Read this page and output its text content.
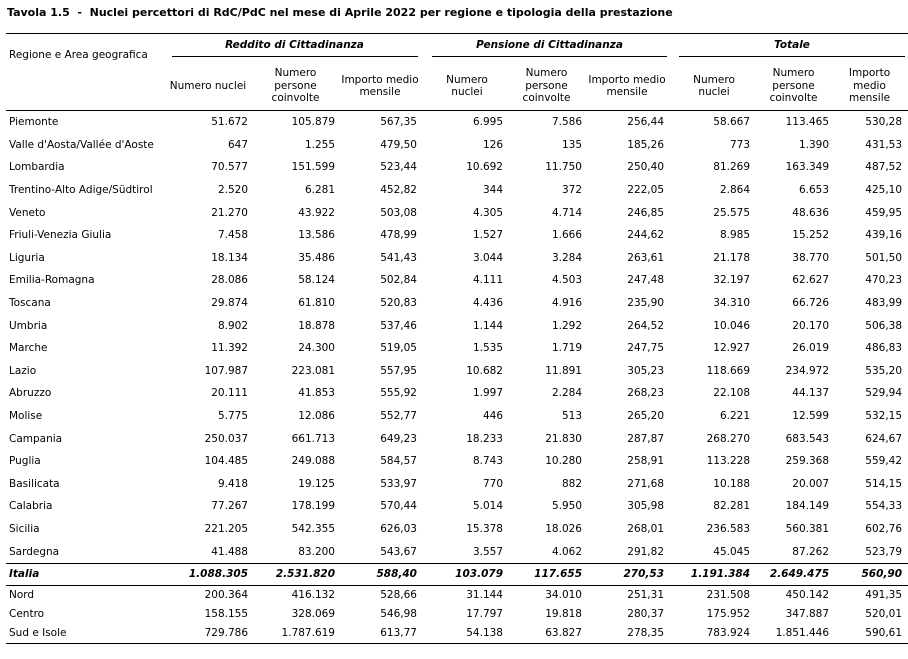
Tavola 1.5  -  Nuclei percettori di RdC/PdC nel mese di Aprile 2022 per regione e tipologia della prestazione
Regione e Area geografica	Reddito di Cittadinanza				Pensione di Cittadinanza				Totale		
	Numero nuclei	Numero persone coinvolte	Importo medio mensile		Numero nuclei	Numero persone coinvolte	Importo medio mensile		Numero nuclei	Numero persone coinvolte	Importo medio mensile
Piemonte	51.672	105.879	567,35		6.995	7.586	256,44		58.667	113.465	530,28
Valle d'Aosta/Vallée d'Aoste	647	1.255	479,50		126	135	185,26		773	1.390	431,53
Lombardia	70.577	151.599	523,44		10.692	11.750	250,40		81.269	163.349	487,52
Trentino-Alto Adige/Südtirol	2.520	6.281	452,82		344	372	222,05		2.864	6.653	425,10
Veneto	21.270	43.922	503,08		4.305	4.714	246,85		25.575	48.636	459,95
Friuli-Venezia Giulia	7.458	13.586	478,99		1.527	1.666	244,62		8.985	15.252	439,16
Liguria	18.134	35.486	541,43		3.044	3.284	263,61		21.178	38.770	501,50
Emilia-Romagna	28.086	58.124	502,84		4.111	4.503	247,48		32.197	62.627	470,23
Toscana	29.874	61.810	520,83		4.436	4.916	235,90		34.310	66.726	483,99
Umbria	8.902	18.878	537,46		1.144	1.292	264,52		10.046	20.170	506,38
Marche	11.392	24.300	519,05		1.535	1.719	247,75		12.927	26.019	486,83
Lazio	107.987	223.081	557,95		10.682	11.891	305,23		118.669	234.972	535,20
Abruzzo	20.111	41.853	555,92		1.997	2.284	268,23		22.108	44.137	529,94
Molise	5.775	12.086	552,77		446	513	265,20		6.221	12.599	532,15
Campania	250.037	661.713	649,23		18.233	21.830	287,87		268.270	683.543	624,67
Puglia	104.485	249.088	584,57		8.743	10.280	258,91		113.228	259.368	559,42
Basilicata	9.418	19.125	533,97		770	882	271,68		10.188	20.007	514,15
Calabria	77.267	178.199	570,44		5.014	5.950	305,98		82.281	184.149	554,33
Sicilia	221.205	542.355	626,03		15.378	18.026	268,01		236.583	560.381	602,76
Sardegna	41.488	83.200	543,67		3.557	4.062	291,82		45.045	87.262	523,79
Italia	1.088.305	2.531.820	588,40		103.079	117.655	270,53		1.191.384	2.649.475	560,90
Nord	200.364	416.132	528,66		31.144	34.010	251,31		231.508	450.142	491,35
Centro	158.155	328.069	546,98		17.797	19.818	280,37		175.952	347.887	520,01
Sud e Isole	729.786	1.787.619	613,77		54.138	63.827	278,35		783.924	1.851.446	590,61
